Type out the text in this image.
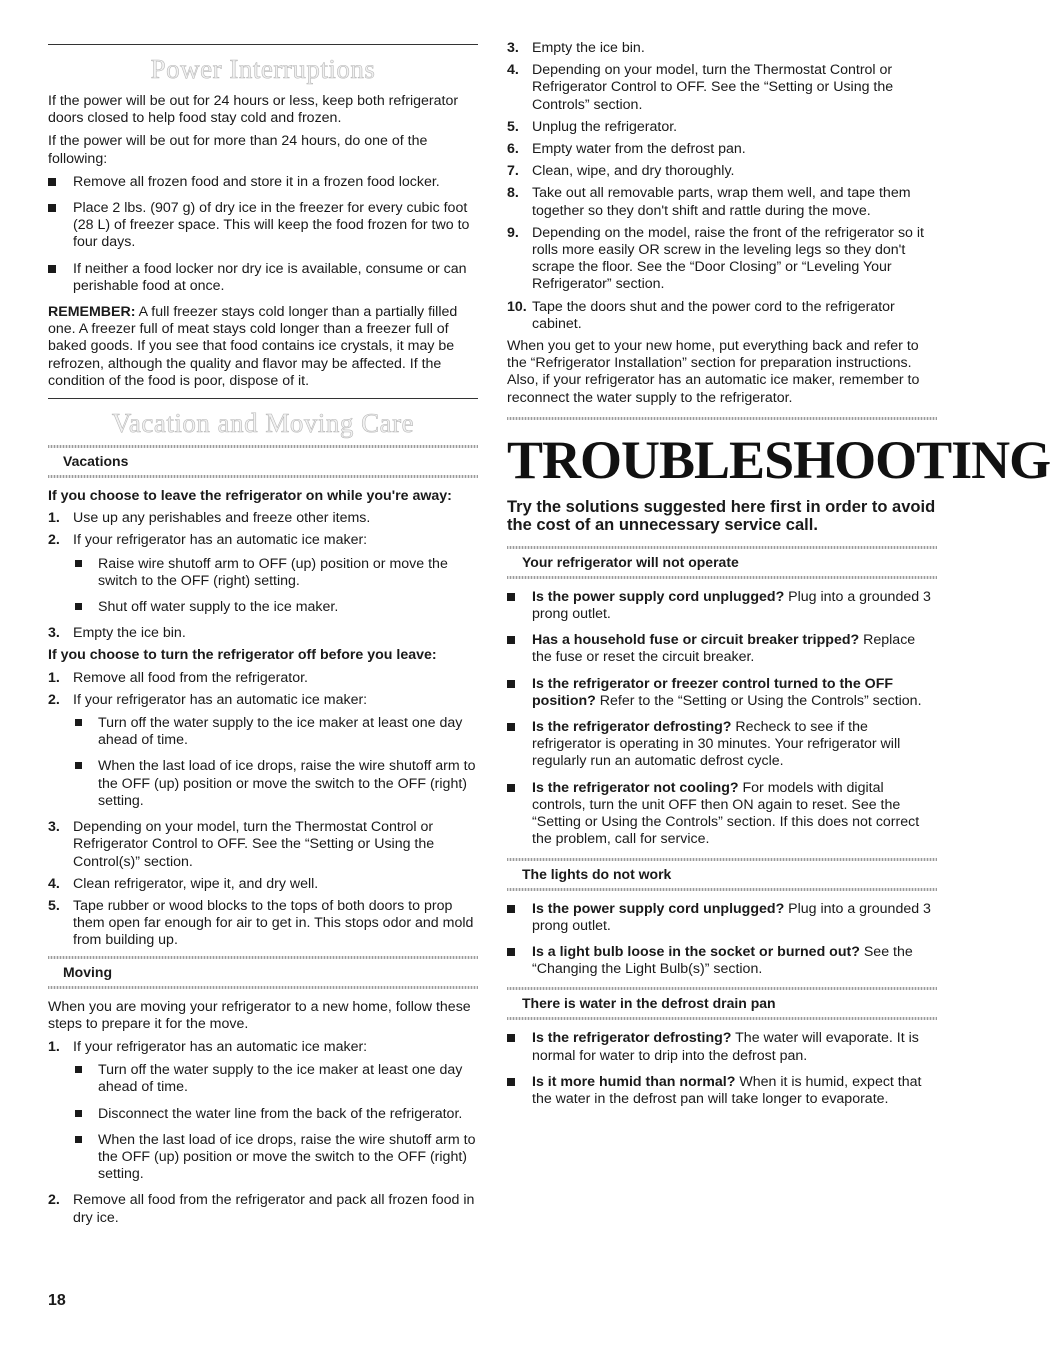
Power Interruptions

If the power will be out for 24 hours or less, keep both refrigerator doors closed to help food stay cold and frozen.

If the power will be out for more than 24 hours, do one of the following:

Remove all frozen food and store it in a frozen food locker.
Place 2 lbs. (907 g) of dry ice in the freezer for every cubic foot (28 L) of freezer space. This will keep the food frozen for two to four days.
If neither a food locker nor dry ice is available, consume or can perishable food at once.

REMEMBER: A full freezer stays cold longer than a partially filled one. A freezer full of meat stays cold longer than a freezer full of baked goods. If you see that food contains ice crystals, it may be refrozen, although the quality and flavor may be affected. If the condition of the food is poor, dispose of it.

Vacation and Moving Care
Vacations
If you choose to leave the refrigerator on while you're away:
1. Use up any perishables and freeze other items.
2. If your refrigerator has an automatic ice maker:
Raise wire shutoff arm to OFF (up) position or move the switch to the OFF (right) setting.
Shut off water supply to the ice maker.
3. Empty the ice bin.
If you choose to turn the refrigerator off before you leave:
1. Remove all food from the refrigerator.
2. If your refrigerator has an automatic ice maker:
Turn off the water supply to the ice maker at least one day ahead of time.
When the last load of ice drops, raise the wire shutoff arm to the OFF (up) position or move the switch to the OFF (right) setting.
3. Depending on your model, turn the Thermostat Control or Refrigerator Control to OFF. See the “Setting or Using the Control(s)” section.
4. Clean refrigerator, wipe it, and dry well.
5. Tape rubber or wood blocks to the tops of both doors to prop them open far enough for air to get in. This stops odor and mold from building up.
Moving

When you are moving your refrigerator to a new home, follow these steps to prepare it for the move.

1. If your refrigerator has an automatic ice maker:
Turn off the water supply to the ice maker at least one day ahead of time.
Disconnect the water line from the back of the refrigerator.
When the last load of ice drops, raise the wire shutoff arm to the OFF (up) position or move the switch to the OFF (right) setting.
2. Remove all food from the refrigerator and pack all frozen food in dry ice.
3. Empty the ice bin.
4. Depending on your model, turn the Thermostat Control or Refrigerator Control to OFF. See the “Setting or Using the Controls” section.
5. Unplug the refrigerator.
6. Empty water from the defrost pan.
7. Clean, wipe, and dry thoroughly.
8. Take out all removable parts, wrap them well, and tape them together so they don't shift and rattle during the move.
9. Depending on the model, raise the front of the refrigerator so it rolls more easily OR screw in the leveling legs so they don't scrape the floor. See the “Door Closing” or “Leveling Your Refrigerator” section.
10. Tape the doors shut and the power cord to the refrigerator cabinet.

When you get to your new home, put everything back and refer to the “Refrigerator Installation” section for preparation instructions. Also, if your refrigerator has an automatic ice maker, remember to reconnect the water supply to the refrigerator.

TROUBLESHOOTING
Try the solutions suggested here first in order to avoid the cost of an unnecessary service call.
Your refrigerator will not operate
Is the power supply cord unplugged? Plug into a grounded 3 prong outlet.
Has a household fuse or circuit breaker tripped? Replace the fuse or reset the circuit breaker.
Is the refrigerator or freezer control turned to the OFF position? Refer to the “Setting or Using the Controls” section.
Is the refrigerator defrosting? Recheck to see if the refrigerator is operating in 30 minutes. Your refrigerator will regularly run an automatic defrost cycle.
Is the refrigerator not cooling? For models with digital controls, turn the unit OFF then ON again to reset. See the “Setting or Using the Controls” section. If this does not correct the problem, call for service.
The lights do not work
Is the power supply cord unplugged? Plug into a grounded 3 prong outlet.
Is a light bulb loose in the socket or burned out? See the “Changing the Light Bulb(s)” section.
There is water in the defrost drain pan
Is the refrigerator defrosting? The water will evaporate. It is normal for water to drip into the defrost pan.
Is it more humid than normal? When it is humid, expect that the water in the defrost pan will take longer to evaporate.
18
